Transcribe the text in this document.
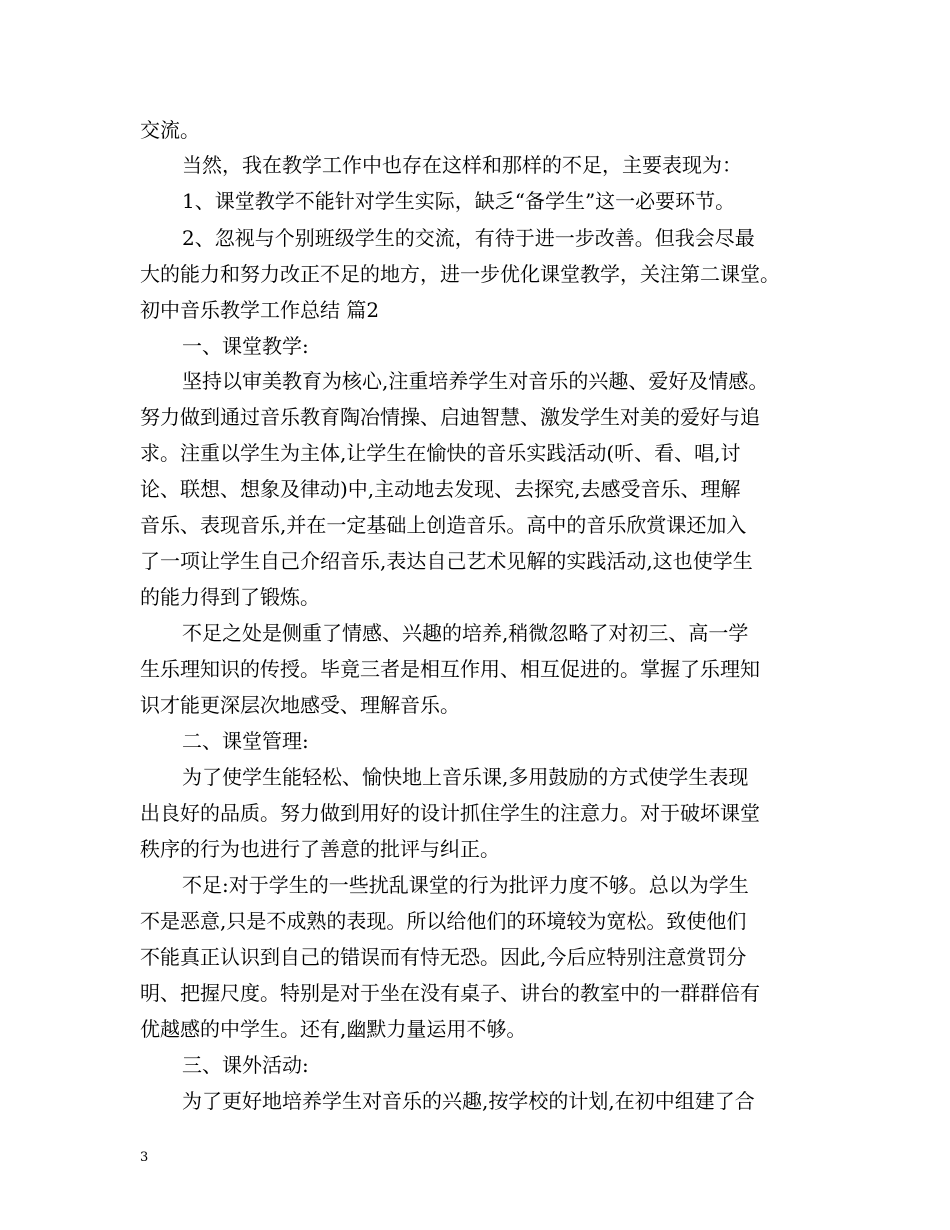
交流。
当然，我在教学工作中也存在这样和那样的不足，主要表现为：
1、课堂教学不能针对学生实际，缺乏“备学生”这一必要环节。
2、忽视与个别班级学生的交流，有待于进一步改善。但我会尽最
大的能力和努力改正不足的地方，进一步优化课堂教学，关注第二课堂。
初中音乐教学工作总结 篇2
一、课堂教学:
坚持以审美教育为核心,注重培养学生对音乐的兴趣、爱好及情感。
努力做到通过音乐教育陶冶情操、启迪智慧、激发学生对美的爱好与追
求。注重以学生为主体,让学生在愉快的音乐实践活动(听、看、唱,讨
论、联想、想象及律动)中,主动地去发现、去探究,去感受音乐、理解
音乐、表现音乐,并在一定基础上创造音乐。高中的音乐欣赏课还加入
了一项让学生自己介绍音乐,表达自己艺术见解的实践活动,这也使学生
的能力得到了锻炼。
不足之处是侧重了情感、兴趣的培养,稍微忽略了对初三、高一学
生乐理知识的传授。毕竟三者是相互作用、相互促进的。掌握了乐理知
识才能更深层次地感受、理解音乐。
二、课堂管理:
为了使学生能轻松、愉快地上音乐课,多用鼓励的方式使学生表现
出良好的品质。努力做到用好的设计抓住学生的注意力。对于破坏课堂
秩序的行为也进行了善意的批评与纠正。
不足:对于学生的一些扰乱课堂的行为批评力度不够。总以为学生
不是恶意,只是不成熟的表现。所以给他们的环境较为宽松。致使他们
不能真正认识到自己的错误而有恃无恐。因此,今后应特别注意赏罚分
明、把握尺度。特别是对于坐在没有桌子、讲台的教室中的一群群倍有
优越感的中学生。还有,幽默力量运用不够。
三、课外活动:
为了更好地培养学生对音乐的兴趣,按学校的计划,在初中组建了合
3
